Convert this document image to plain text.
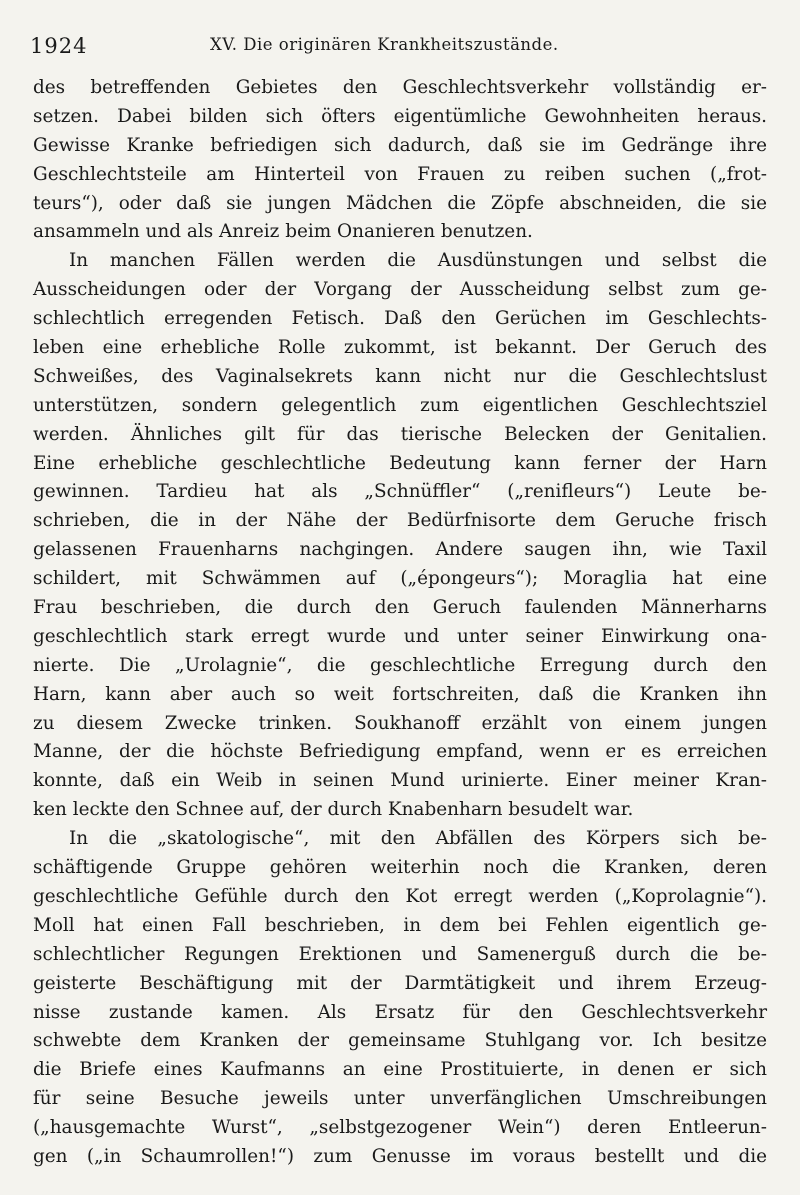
1924	XV. Die originären Krankheitszustände.
des betreffenden Gebietes den Geschlechtsverkehr vollständig er-
setzen. Dabei bilden sich öfters eigentümliche Gewohnheiten heraus.
Gewisse Kranke befriedigen sich dadurch, daß sie im Gedränge ihre
Geschlechtsteile am Hinterteil von Frauen zu reiben suchen („frot-
teurs“), oder daß sie jungen Mädchen die Zöpfe abschneiden, die sie
ansammeln und als Anreiz beim Onanieren benutzen.
In manchen Fällen werden die Ausdünstungen und selbst die
Ausscheidungen oder der Vorgang der Ausscheidung selbst zum ge-
schlechtlich erregenden Fetisch. Daß den Gerüchen im Geschlechts-
leben eine erhebliche Rolle zukommt, ist bekannt. Der Geruch des
Schweißes, des Vaginalsekrets kann nicht nur die Geschlechtslust
unterstützen, sondern gelegentlich zum eigentlichen Geschlechtsziel
werden. Ähnliches gilt für das tierische Belecken der Genitalien.
Eine erhebliche geschlechtliche Bedeutung kann ferner der Harn
gewinnen. Tardieu hat als „Schnüffler“ („renifleurs“) Leute be-
schrieben, die in der Nähe der Bedürfnisorte dem Geruche frisch
gelassenen Frauenharns nachgingen. Andere saugen ihn, wie Taxil
schildert, mit Schwämmen auf („épongeurs“); Moraglia hat eine
Frau beschrieben, die durch den Geruch faulenden Männerharns
geschlechtlich stark erregt wurde und unter seiner Einwirkung ona-
nierte. Die „Urolagnie“, die geschlechtliche Erregung durch den
Harn, kann aber auch so weit fortschreiten, daß die Kranken ihn
zu diesem Zwecke trinken. Soukhanoff erzählt von einem jungen
Manne, der die höchste Befriedigung empfand, wenn er es erreichen
konnte, daß ein Weib in seinen Mund urinierte. Einer meiner Kran-
ken leckte den Schnee auf, der durch Knabenharn besudelt war.
In die „skatologische“, mit den Abfällen des Körpers sich be-
schäftigende Gruppe gehören weiterhin noch die Kranken, deren
geschlechtliche Gefühle durch den Kot erregt werden („Koprolagnie“).
Moll hat einen Fall beschrieben, in dem bei Fehlen eigentlich ge-
schlechtlicher Regungen Erektionen und Samenerguß durch die be-
geisterte Beschäftigung mit der Darmtätigkeit und ihrem Erzeug-
nisse zustande kamen. Als Ersatz für den Geschlechtsverkehr
schwebte dem Kranken der gemeinsame Stuhlgang vor. Ich besitze
die Briefe eines Kaufmanns an eine Prostituierte, in denen er sich
für seine Besuche jeweils unter unverfänglichen Umschreibungen
(„hausgemachte Wurst“, „selbstgezogener Wein“) deren Entleerun-
gen („in Schaumrollen!“) zum Genusse im voraus bestellt und die
